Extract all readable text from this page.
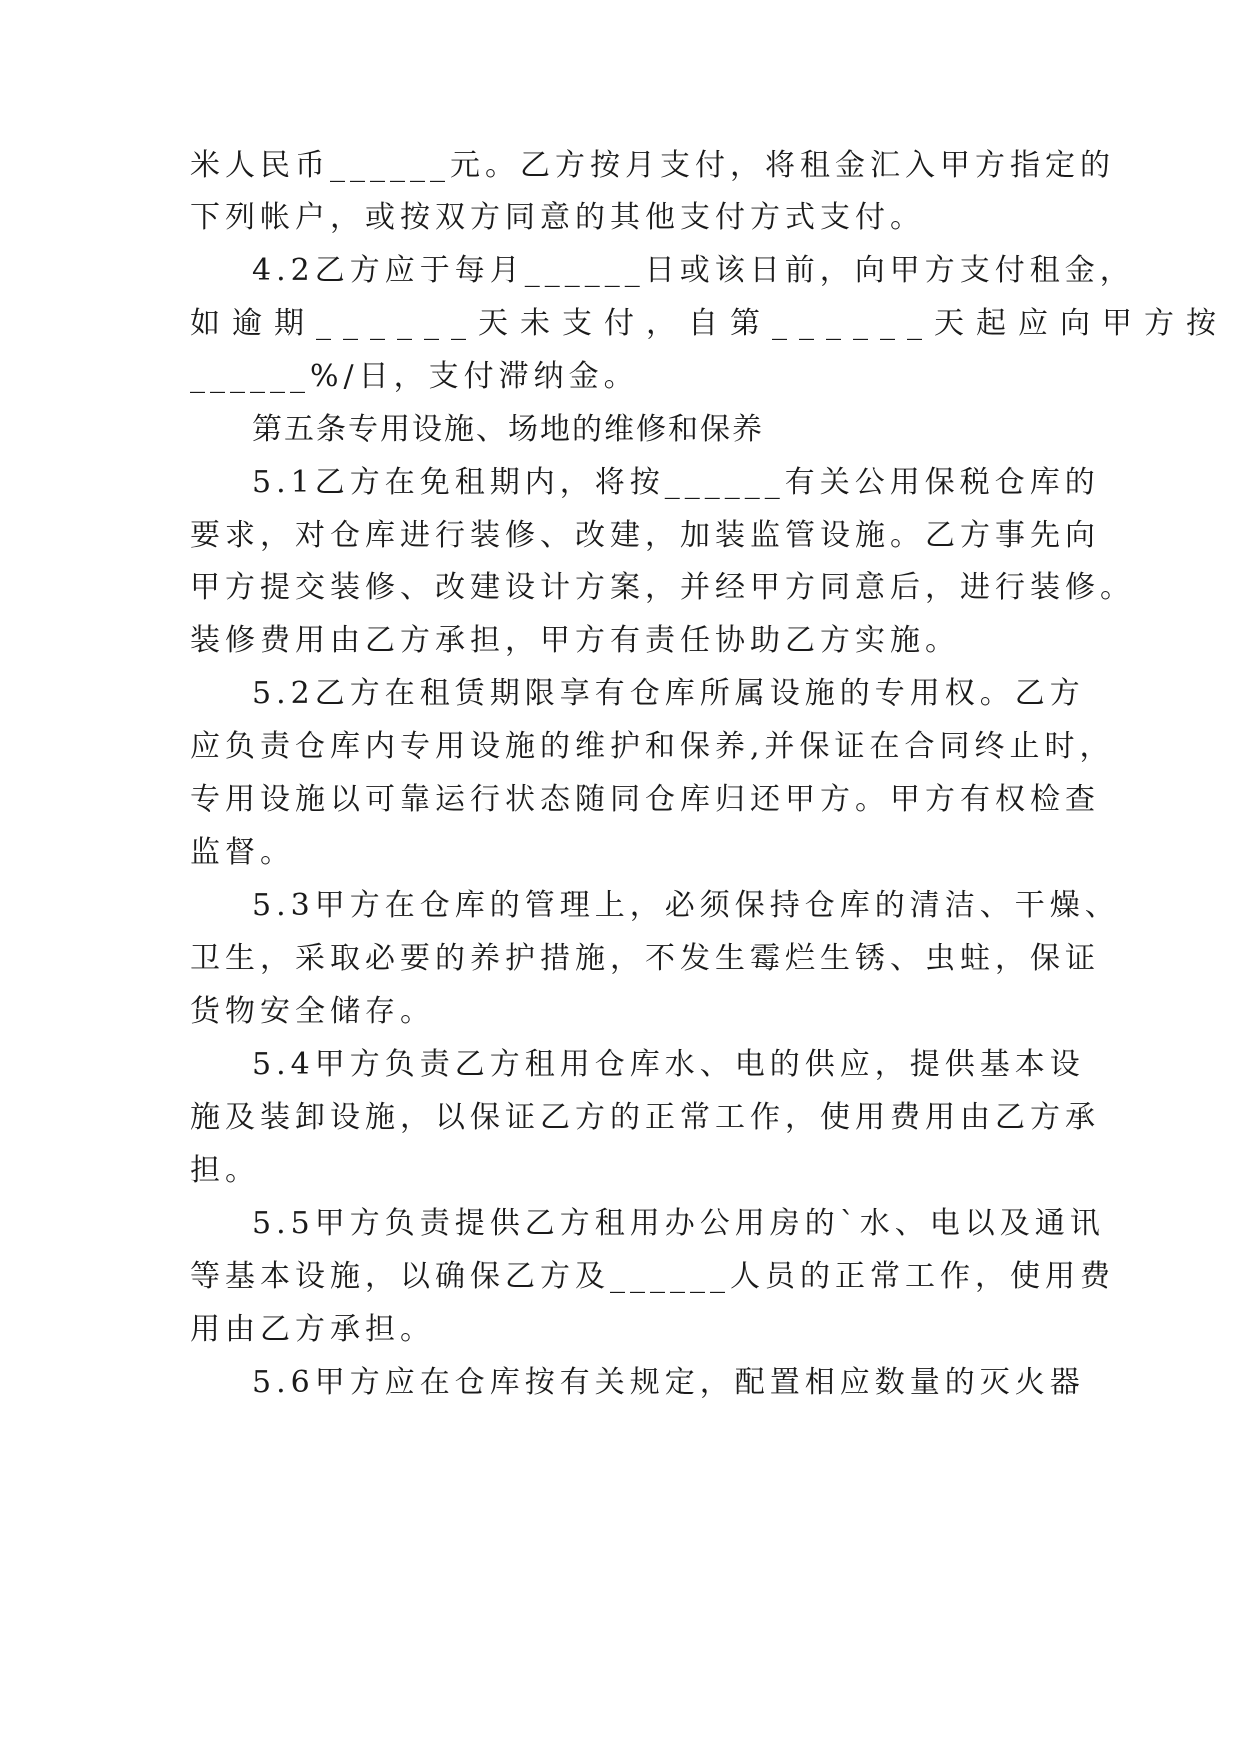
米人民币______元。乙方按月支付，将租金汇入甲方指定的
下列帐户，或按双方同意的其他支付方式支付。
4.2乙方应于每月______日或该日前，向甲方支付租金，
如逾期______天未支付，自第______天起应向甲方按
______%/日，支付滞纳金。
第五条专用设施、场地的维修和保养
5.1乙方在免租期内，将按______有关公用保税仓库的
要求，对仓库进行装修、改建，加装监管设施。乙方事先向
甲方提交装修、改建设计方案，并经甲方同意后，进行装修。
装修费用由乙方承担，甲方有责任协助乙方实施。
5.2乙方在租赁期限享有仓库所属设施的专用权。乙方
应负责仓库内专用设施的维护和保养,并保证在合同终止时，
专用设施以可靠运行状态随同仓库归还甲方。甲方有权检查
监督。
5.3甲方在仓库的管理上，必须保持仓库的清洁、干燥、
卫生，采取必要的养护措施，不发生霉烂生锈、虫蛀，保证
货物安全储存。
5.4甲方负责乙方租用仓库水、电的供应，提供基本设
施及装卸设施，以保证乙方的正常工作，使用费用由乙方承
担。
5.5甲方负责提供乙方租用办公用房的`水、电以及通讯
等基本设施，以确保乙方及______人员的正常工作，使用费
用由乙方承担。
5.6甲方应在仓库按有关规定，配置相应数量的灭火器
